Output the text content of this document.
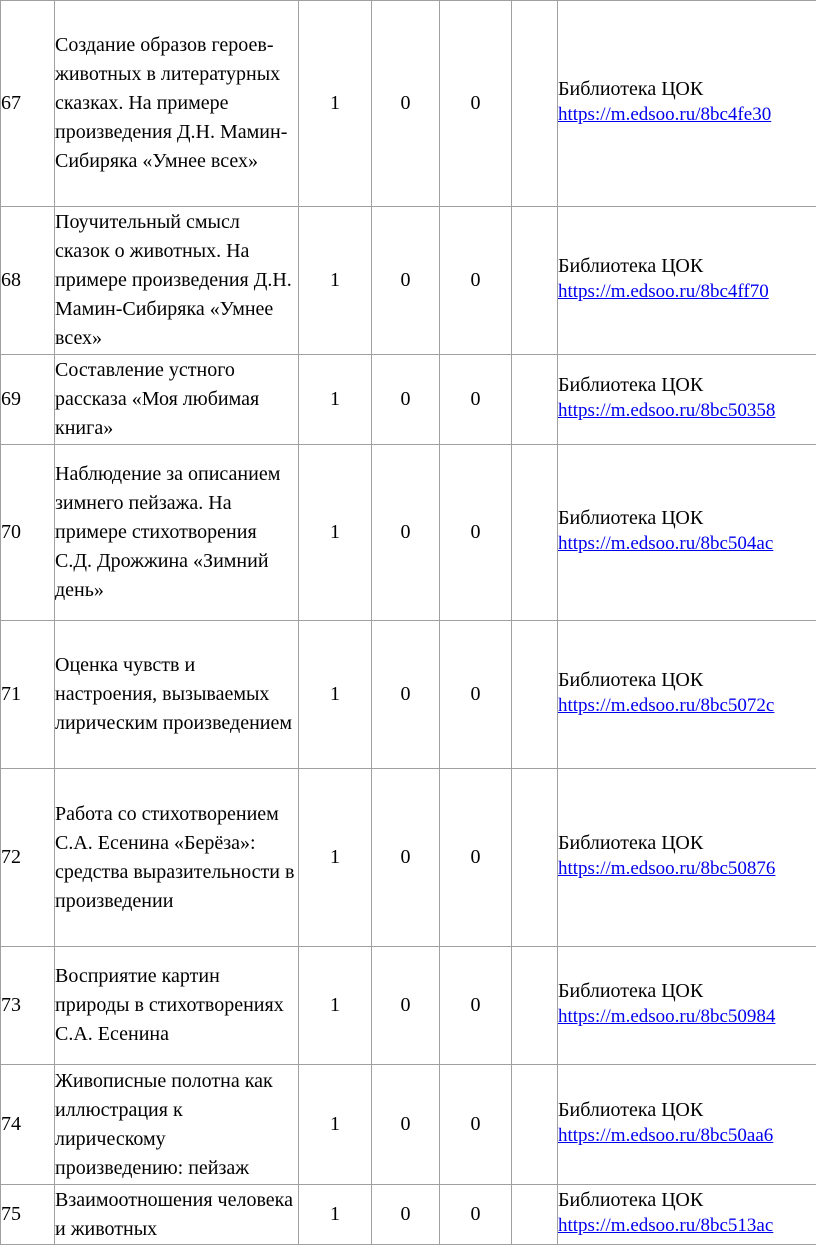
67	Создание образов героев-животных в литературных сказках. На примере произведения Д.Н. Мамин-Сибиряка «Умнее всех»	1	0	0		Библиотека ЦОК
https://m.edsoo.ru/8bc4fe30

68	Поучительный смысл сказок о животных. На примере произведения Д.Н. Мамин-Сибиряка «Умнее всех»	1	0	0		Библиотека ЦОК
https://m.edsoo.ru/8bc4ff70

69	Составление устного рассказа «Моя любимая книга»	1	0	0		Библиотека ЦОК
https://m.edsoo.ru/8bc50358

70	Наблюдение за описанием зимнего пейзажа. На примере стихотворения С.Д. Дрожжина «Зимний день»	1	0	0		Библиотека ЦОК
https://m.edsoo.ru/8bc504ac

71	Оценка чувств и настроения, вызываемых лирическим произведением	1	0	0		Библиотека ЦОК
https://m.edsoo.ru/8bc5072c

72	Работа со стихотворением С.А. Есенина «Берёза»: средства выразительности в произведении	1	0	0		Библиотека ЦОК
https://m.edsoo.ru/8bc50876

73	Восприятие картин природы в стихотворениях С.А. Есенина	1	0	0		Библиотека ЦОК
https://m.edsoo.ru/8bc50984

74	Живописные полотна как иллюстрация к лирическому произведению: пейзаж	1	0	0		Библиотека ЦОК
https://m.edsoo.ru/8bc50aa6

75	Взаимоотношения человека и животных	1	0	0		Библиотека ЦОК
https://m.edsoo.ru/8bc513ac
